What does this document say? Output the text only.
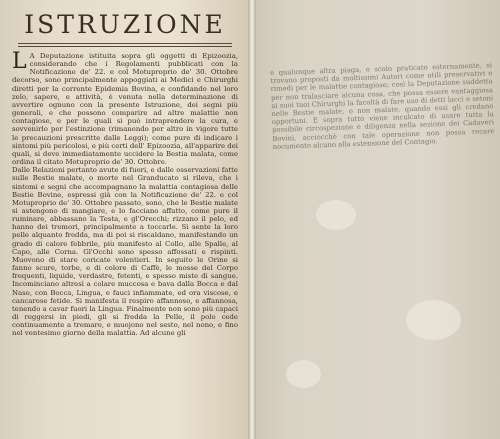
ISTRUZIONE

L A Deputazione istituita sopra gli oggetti di Epizoozia, considerando che i Regolamenti pubblicati con la Notificazione de' 22. e col Motuproprio de' 30. Ottobre decorso, sono principalmente appoggiati ai Medici e Chirurghi diretti per la corrente Epidemia Bovina, e confidando nel loro zelo, sapere, e attività, è venuta nella determinazione di avvertire ognuno con la presente Istruzione, dei segni più generali, e che possono comparire ad altre malattie non contagiose, e per le quali si può intraprendere la cura, e sovvenirlo per l'estinzione (rimanendo per altro in vigore tutte le precauzioni prescritte dalle Leggi); come pure di indicare i sintomi più pericolosi, e più certi dell' Epizoozia, all'apparire dei quali, si deve immediatamente uccidere la Bestia malata, come ordina il citato Motuproprio de' 30. Ottobre.

Dalle Relazioni pertanto avute di fuori, e dalle osservazioni fatte sulle Bestie malate, o morte nel Granducato si rileva, che i sintomi e segni che accompagnano la malattia contagiosa delle Bestie Bovine, espressi già con la Notificazione de' 22. e col Motuproprio de' 30. Ottobre passato, sono, che le Bestie malate si astengono di mangiare, e lo facciano affatto, come pure il ruminare, abbassano la Testa, e gl'Orecchi; rizzano il pelo, ed hanno dei tremori, principalmente a toccarle. Si sente la loro pelle alquanto fredda, ma di poi si riscaldano, manifestando un grado di calore febbrile, più manifesto al Collo, alle Spalle, al Capo, alle Corna. Gl'Occhi sono spesso affossati e rispinti. Muovono di stare coricate volentieri. In seguito le Orine si fanno scure, torbe, e di colore di Caffè, le mosse del Corpo frequenti, liquide, verdastre, fetenti, e spesso miste di sangue. Incominciano altresì a colare muccosa e bava dalla Bocca e dal Naso, con Bocca, Lingua, e fauci infiammate, ed ora viscose, e cancarose fetide. Si manifesta il respiro affannoso, e affannosa, tenendo a cavar fuori la Lingua. Finalmente non sono più capaci di reggersi in piedi, gli si fredda la Pelle, il polo cede continuamente a tremare, e muojono nel sesto, nel nono, e fino nel ventesimo giorno della malattia. Ad alcune gli

e qualunque altra piaga, o scolo praticato esternamente, si trovano proposti da moltissimi Autori come utili preservativi e rimedi per le malattie contagiose; così la Deputazione suddetta per non tralasciare alcuna cosa, che possa essere vantaggiosa ai suoi tuoi Chirurghi la facoltà di fare uso di detti lacci e setoni nelle Bestie malate, o non malate, quando essi gli credano opportuni. E sopra tutto viene inculcato di usare tutta la possibile circospezione e diligenza nella sezione dei Cadaveri Bovini, acciocchè con tale operazione non possa recare nocumento alcuno alla estensione del Contagio.
